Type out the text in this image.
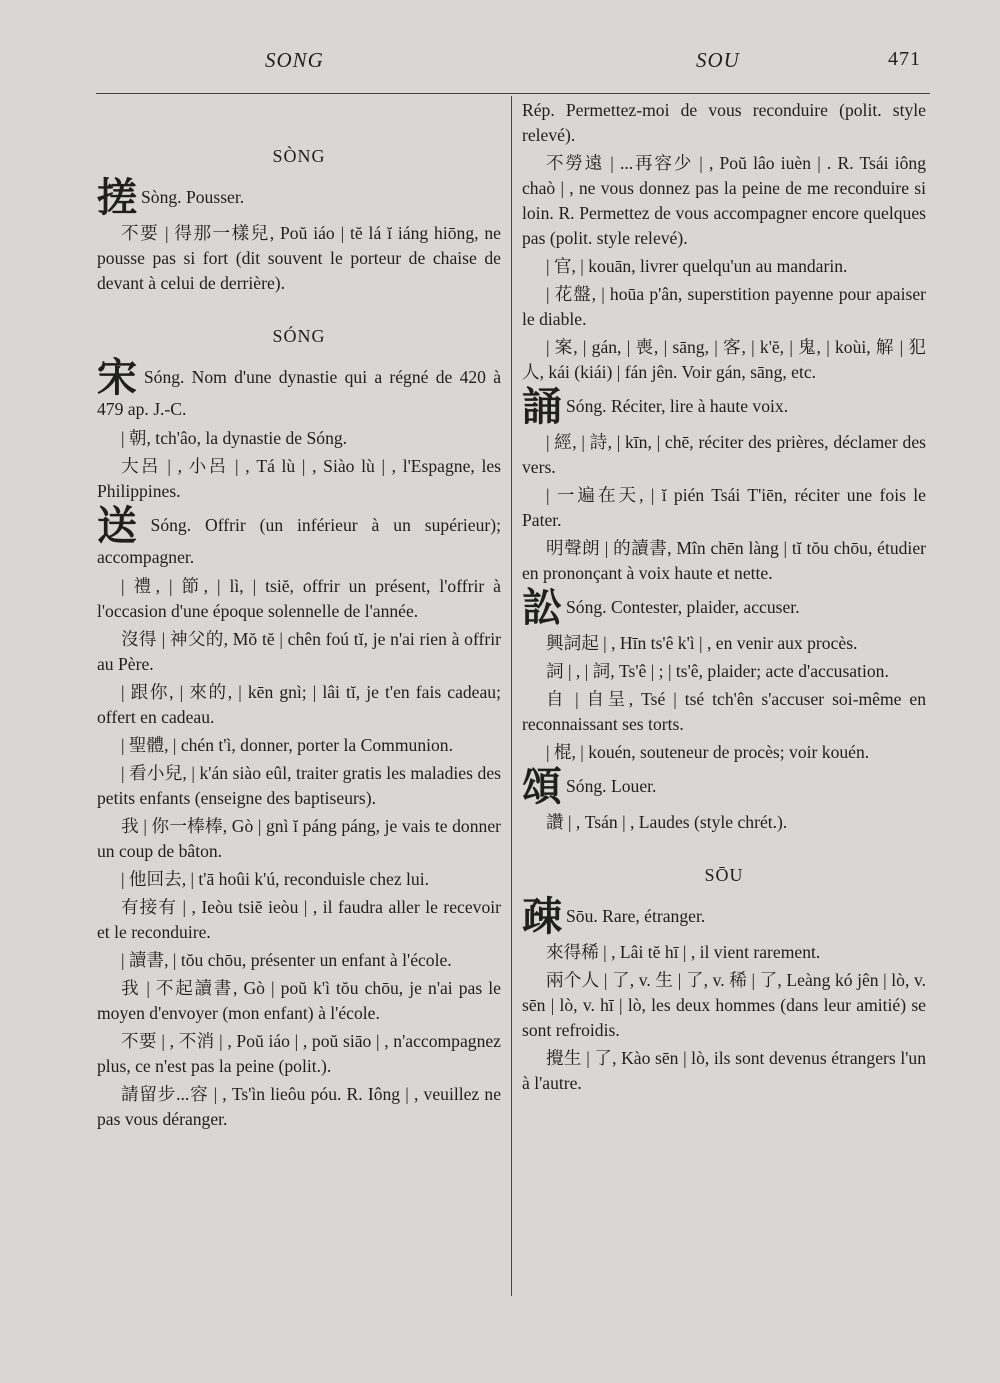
SONG	SOU	471

SÒNG

搓 Sòng. Pousser.

不要 | 得那一樣兒, Poŭ iáo | tĕ lá ĭ iáng hiōng, ne pousse pas si fort (dit souvent le porteur de chaise de devant à celui de derrière).

SÓNG

宋 Sóng. Nom d'une dynastie qui a régné de 420 à 479 ap. J.-C.

| 朝, tch'âo, la dynastie de Sóng.

大呂 | , 小呂 | , Tá lù | , Siào lù | , l'Espagne, les Philippines.

送 Sóng. Offrir (un inférieur à un supérieur); accompagner.

| 禮, | 節, | lì, | tsiĕ, offrir un présent, l'offrir à l'occasion d'une époque solennelle de l'année.

沒得 | 神父的, Mŏ tĕ | chên foú tĭ, je n'ai rien à offrir au Père.

| 跟你, | 來的, | kēn gnì; | lâi tĭ, je t'en fais cadeau; offert en cadeau.

| 聖體, | chén t'ì, donner, porter la Communion.

| 看小兒, | k'án siào eûl, traiter gratis les maladies des petits enfants (enseigne des baptiseurs).

我 | 你一棒棒, Gò | gnì ĭ páng páng, je vais te donner un coup de bâton.

| 他回去, | t'ā hoûi k'ú, reconduisle chez lui.

有接有 | , Ieòu tsiĕ ieòu | , il faudra aller le recevoir et le reconduire.

| 讀書, | tŏu chōu, présenter un enfant à l'école.

我 | 不起讀書, Gò | poŭ k'ì tŏu chōu, je n'ai pas le moyen d'envoyer (mon enfant) à l'école.

不要 | , 不消 | , Poŭ iáo | , poŭ siāo | , n'accompagnez plus, ce n'est pas la peine (polit.).

請留步...容 | , Ts'ìn lieôu póu. R. Iông | , veuillez ne pas vous déranger.

Rép. Permettez-moi de vous reconduire (polit. style relevé).

不勞遠 | ...再容少 | , Poŭ lâo iuèn | . R. Tsái iông chaò | , ne vous donnez pas la peine de me reconduire si loin. R. Permettez de vous accompagner encore quelques pas (polit. style relevé).

| 官, | kouān, livrer quelqu'un au mandarin.

| 花盤, | hoūa p'ân, superstition payenne pour apaiser le diable.

| 案, | gán, | 喪, | sāng, | 客, | k'ĕ, | 鬼, | koùi, 解 | 犯人, kái (kiái) | fán jên. Voir gán, sāng, etc.

誦 Sóng. Réciter, lire à haute voix.

| 經, | 詩, | kīn, | chē, réciter des prières, déclamer des vers.

| 一遍在天, | ĭ pién Tsái T'iēn, réciter une fois le Pater.

明聲朗 | 的讀書, Mîn chēn làng | tĭ tŏu chōu, étudier en prononçant à voix haute et nette.

訟 Sóng. Contester, plaider, accuser.

興詞起 | , Hīn ts'ê k'ì | , en venir aux procès.

詞 | , | 詞, Ts'ê | ; | ts'ê, plaider; acte d'accusation.

自 | 自呈, Tsé | tsé tch'ên s'accuser soi-même en reconnaissant ses torts.

| 棍, | kouén, souteneur de procès; voir kouén.

頌 Sóng. Louer.

讚 | , Tsán | , Laudes (style chrét.).

SŌU

疎 Sōu. Rare, étranger.

來得稀 | , Lâi tĕ hī | , il vient rarement.

兩个人 | 了, v. 生 | 了, v. 稀 | 了, Leàng kó jên | lò, v. sēn | lò, v. hī | lò, les deux hommes (dans leur amitié) se sont refroidis.

攪生 | 了, Kào sēn | lò, ils sont devenus étrangers l'un à l'autre.
